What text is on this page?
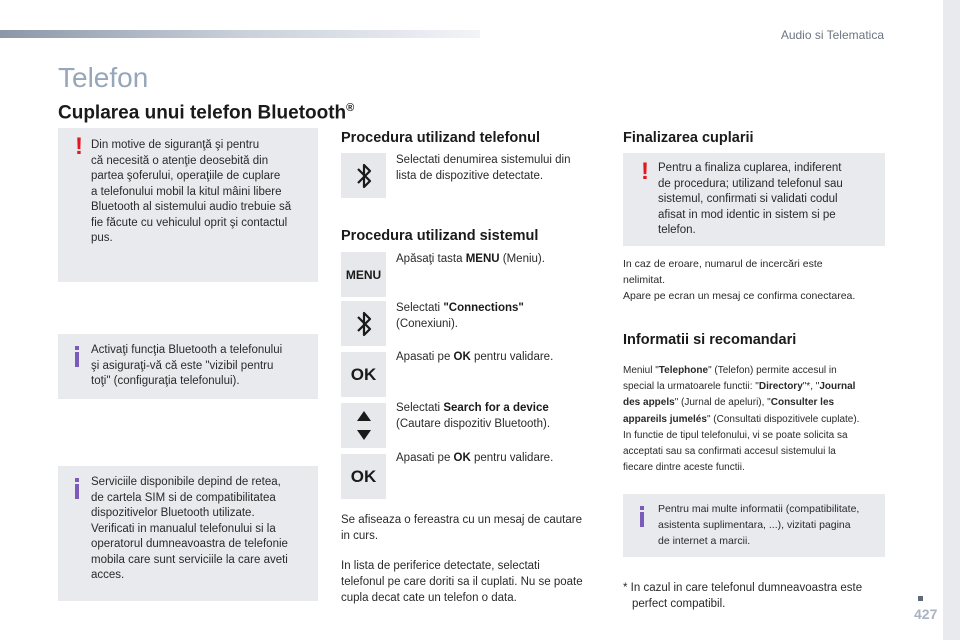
Audio si Telematica
Telefon
Cuplarea unui telefon Bluetooth®
! Din motive de siguranţă şi pentru
că necesită o atenţie deosebită din
partea şoferului, operaţiile de cuplare
a telefonului mobil la kitul mâini libere
Bluetooth al sistemului audio trebuie să
fie făcute cu vehiculul oprit şi contactul
pus.
Activaţi funcţia Bluetooth a telefonului
şi asiguraţi-vă că este "vizibil pentru
toţi" (configuraţia telefonului).
Serviciile disponibile depind de retea,
de cartela SIM si de compatibilitatea
dispozitivelor Bluetooth utilizate.
Verificati in manualul telefonului si la
operatorul dumneavoastra de telefonie
mobila care sunt serviciile la care aveti
acces.
Procedura utilizand telefonul
Selectati denumirea sistemului din
lista de dispozitive detectate.
Procedura utilizand sistemul
MENU
Apăsaţi tasta MENU (Meniu).
Selectati "Connections"
(Conexiuni).
OK
Apasati pe OK pentru validare.
Selectati Search for a device
(Cautare dispozitiv Bluetooth).
OK
Apasati pe OK pentru validare.
Se afiseaza o fereastra cu un mesaj de cautare
in curs.
In lista de periferice detectate, selectati
telefonul pe care doriti sa il cuplati. Nu se poate
cupla decat cate un telefon o data.
Finalizarea cuplarii
! Pentru a finaliza cuplarea, indiferent
de procedura; utilizand telefonul sau
sistemul, confirmati si validati codul
afisat in mod identic in sistem si pe
telefon.
In caz de eroare, numarul de incercări este
nelimitat.
Apare pe ecran un mesaj ce confirma conectarea.
Informatii si recomandari
Meniul "Telephone" (Telefon) permite accesul in
special la urmatoarele functii: "Directory"*, "Journal
des appels" (Jurnal de apeluri), "Consulter les
appareils jumelés" (Consultati dispozitivele cuplate).
In functie de tipul telefonului, vi se poate solicita sa
acceptati sau sa confirmati accesul sistemului la
fiecare dintre aceste functii.
Pentru mai multe informatii (compatibilitate,
asistenta suplimentara, ...), vizitati pagina
de internet a marcii.
* In cazul in care telefonul dumneavoastra este
perfect compatibil.
427
